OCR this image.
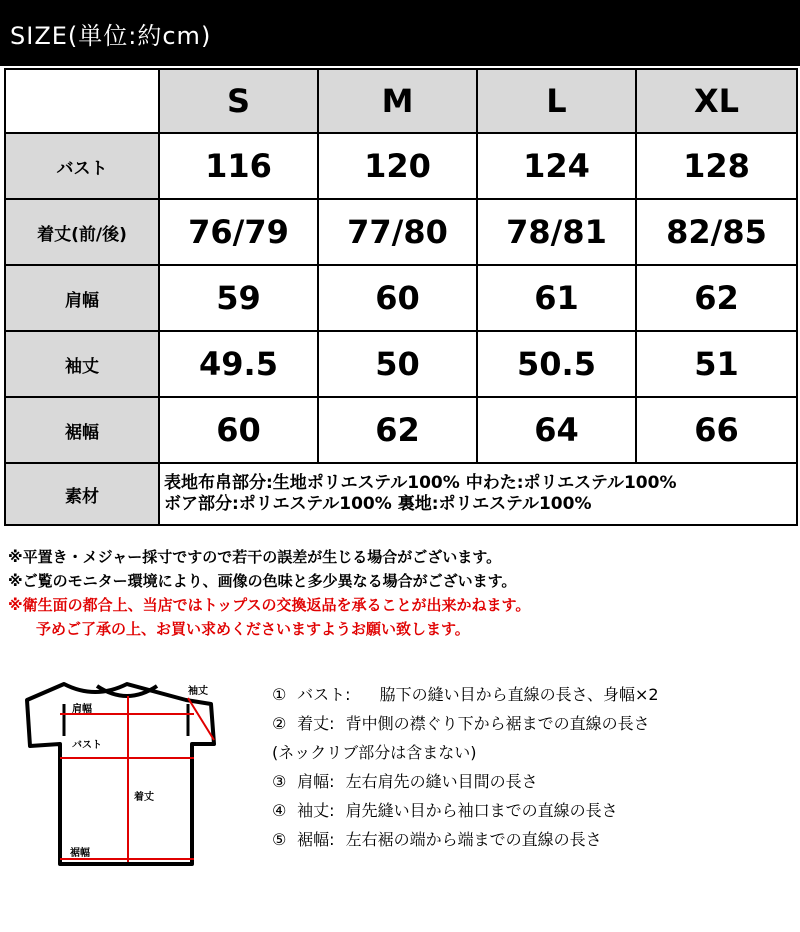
SIZE(単位:約cm)
	S	M	L	XL
バスト	116	120	124	128
着丈(前/後)	76/79	77/80	78/81	82/85
肩幅	59	60	61	62
袖丈	49.5	50	50.5	51
裾幅	60	62	64	66
素材	表地布帛部分:生地ポリエステル100% 中わた:ポリエステル100%
ボア部分:ポリエステル100% 裏地:ポリエステル100%			
※平置き・メジャー採寸ですので若干の誤差が生じる場合がございます。
※ご覧のモニター環境により、画像の色味と多少異なる場合がございます。
※衛生面の都合上、当店ではトップスの交換返品を承ることが出来かねます。
予めご了承の上、お買い求めくださいますようお願い致します。
袖丈
肩幅
バスト
着丈
裾幅
① バスト: 脇下の縫い目から直線の長さ、身幅×2
② 着丈: 背中側の襟ぐり下から裾までの直線の長さ
(ネックリブ部分は含まない)
③ 肩幅: 左右肩先の縫い目間の長さ
④ 袖丈: 肩先縫い目から袖口までの直線の長さ
⑤ 裾幅: 左右裾の端から端までの直線の長さ
